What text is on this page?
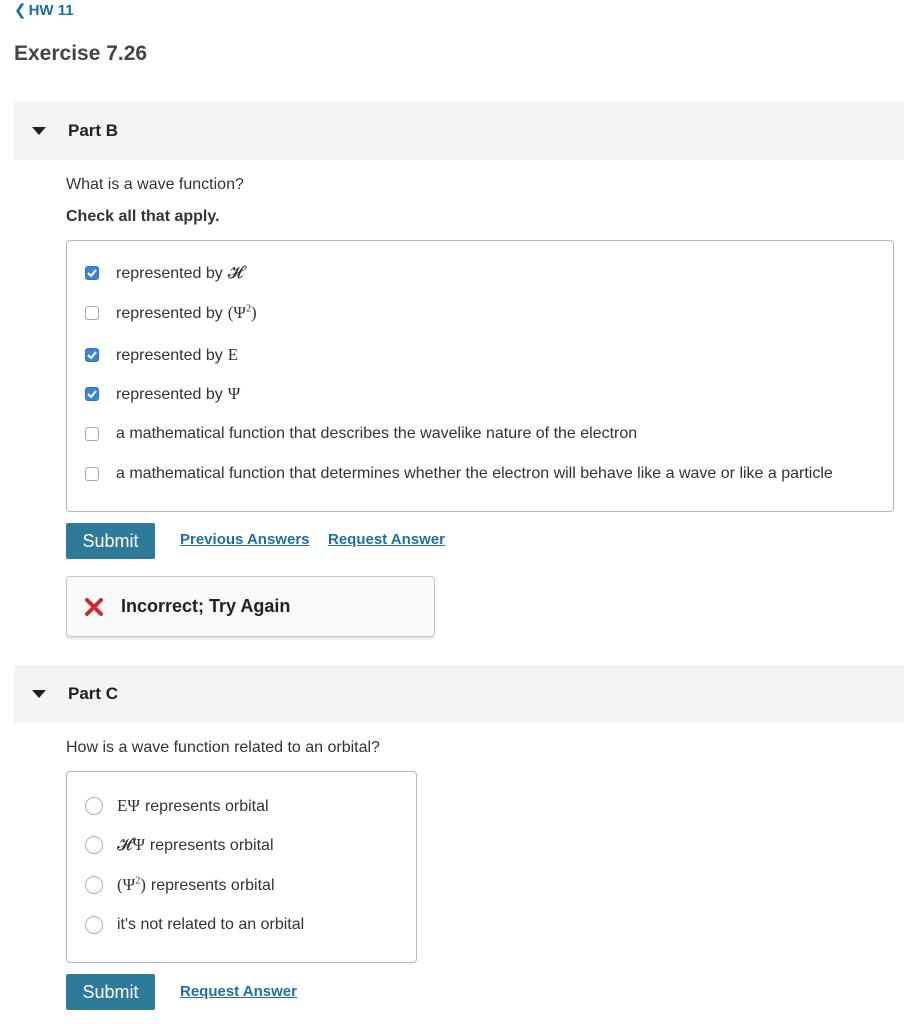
❮ HW 11
Exercise 7.26
Part B
What is a wave function?
Check all that apply.
represented by 𝓗
represented by $(\Psi^2)$
represented by E
represented by Ψ
a mathematical function that describes the wavelike nature of the electron
a mathematical function that determines whether the electron will behave like a wave or like a particle
Submit	Previous Answers Request Answer
Incorrect; Try Again
Part C
How is a wave function related to an orbital?
EΨ represents orbital
𝓗Ψ represents orbital
$(\Psi^2)$ represents orbital
it's not related to an orbital
Submit	Request Answer
